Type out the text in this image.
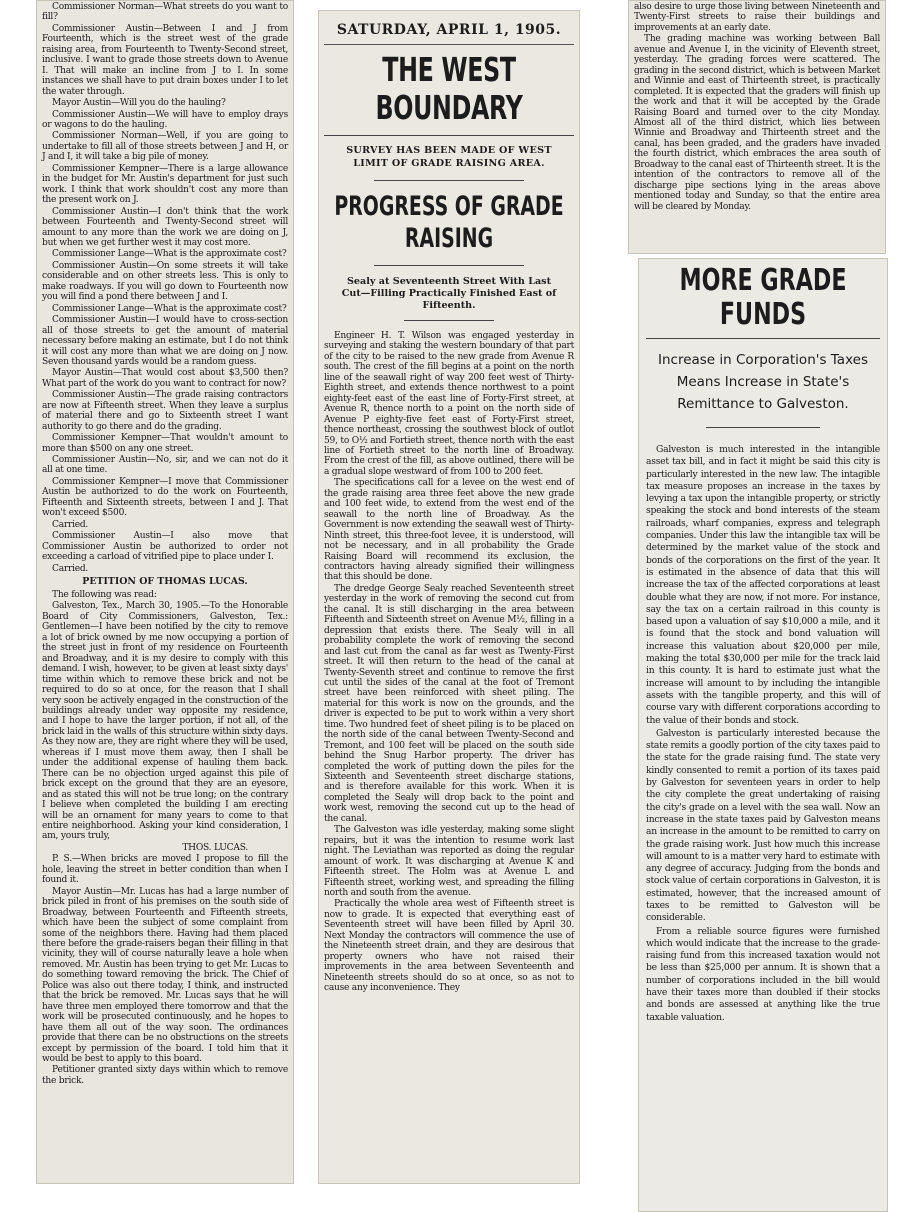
Commissioner Norman—What streets do you want to fill?

Commissioner Austin—Between I and J from Fourteenth, which is the street west of the grade raising area, from Fourteenth to Twenty-Second street, inclusive. I want to grade those streets down to Avenue I. That will make an incline from J to I. In some instances we shall have to put drain boxes under I to let the water through.

Mayor Austin—Will you do the hauling?

Commissioner Austin—We will have to employ drays or wagons to do the hauling.

Commissioner Norman—Well, if you are going to undertake to fill all of those streets between J and H, or J and I, it will take a big pile of money.

Commissioner Kempner—There is a large allowance in the budget for Mr. Austin's department for just such work. I think that work shouldn't cost any more than the present work on J.

Commissioner Austin—I don't think that the work between Fourteenth and Twenty-Second street will amount to any more than the work we are doing on J, but when we get further west it may cost more.

Commissioner Lange—What is the approximate cost?

Commissioner Austin—On some streets it will take considerable and on other streets less. This is only to make roadways. If you will go down to Fourteenth now you will find a pond there between J and I.

Commissioner Lange—What is the approximate cost?

Commissioner Austin—I would have to cross-section all of those streets to get the amount of material necessary before making an estimate, but I do not think it will cost any more than what we are doing on J now. Seven thousand yards would be a random guess.

Mayor Austin—That would cost about $3,500 then? What part of the work do you want to contract for now?

Commissioner Austin—The grade raising contractors are now at Fifteenth street. When they leave a surplus of material there and go to Sixteenth street I want authority to go there and do the grading.

Commissioner Kempner—That wouldn't amount to more than $500 on any one street.

Commissioner Austin—No, sir, and we can not do it all at one time.

Commissioner Kempner—I move that Commissioner Austin be authorized to do the work on Fourteenth, Fifteenth and Sixteenth streets, between I and J. That won't exceed $500.

Carried.

Commissioner Austin—I also move that Commissioner Austin be authorized to order not exceeding a carload of vitrified pipe to place under I.

Carried.

PETITION OF THOMAS LUCAS.

The following was read:

Galveston, Tex., March 30, 1905.—To the Honorable Board of City Commissioners, Galveston, Tex.: Gentlemen—I have been notified by the city to remove a lot of brick owned by me now occupying a portion of the street just in front of my residence on Fourteenth and Broadway, and it is my desire to comply with this demand. I wish, however, to be given at least sixty days' time within which to remove these brick and not be required to do so at once, for the reason that I shall very soon be actively engaged in the construction of the buildings already under way opposite my residence, and I hope to have the larger portion, if not all, of the brick laid in the walls of this structure within sixty days. As they now are, they are right where they will be used, whereas if I must move them away, then I shall be under the additional expense of hauling them back. There can be no objection urged against this pile of brick except on the ground that they are an eyesore, and as stated this will not be true long; on the contrary I believe when completed the building I am erecting will be an ornament for many years to come to that entire neighborhood. Asking your kind consideration, I am, yours truly,

THOS. LUCAS.

P. S.—When bricks are moved I propose to fill the hole, leaving the street in better condition than when I found it.

Mayor Austin—Mr. Lucas has had a large number of brick piled in front of his premises on the south side of Broadway, between Fourteenth and Fifteenth streets, which have been the subject of some complaint from some of the neighbors there. Having had them placed there before the grade-raisers began their filling in that vicinity, they will of course naturally leave a hole when removed. Mr. Austin has been trying to get Mr. Lucas to do something toward removing the brick. The Chief of Police was also out there today, I think, and instructed that the brick be removed. Mr. Lucas says that he will have three men employed there tomorrow and that the work will be prosecuted continuously, and he hopes to have them all out of the way soon. The ordinances provide that there can be no obstructions on the streets except by permission of the board. I told him that it would be best to apply to this board.

Petitioner granted sixty days within which to remove the brick.

SATURDAY, APRIL 1, 1905.
THE WEST BOUNDARY
SURVEY HAS BEEN MADE OF WEST LIMIT OF GRADE RAISING AREA.
PROGRESS OF GRADE RAISING
Sealy at Seventeenth Street With Last Cut—Filling Practically Finished East of Fifteenth.

Engineer H. T. Wilson was engaged yesterday in surveying and staking the western boundary of that part of the city to be raised to the new grade from Avenue R south. The crest of the fill begins at a point on the north line of the seawall right of way 200 feet west of Thirty-Eighth street, and extends thence northwest to a point eighty-feet east of the east line of Forty-First street, at Avenue R, thence north to a point on the north side of Avenue P eighty-five feet east of Forty-First street, thence northeast, crossing the southwest block of outlot 59, to O½ and Fortieth street, thence north with the east line of Fortieth street to the north line of Broadway. From the crest of the fill, as above outlined, there will be a gradual slope westward of from 100 to 200 feet.

The specifications call for a levee on the west end of the grade raising area three feet above the new grade and 100 feet wide, to extend from the west end of the seawall to the north line of Broadway. As the Government is now extending the seawall west of Thirty-Ninth street, this three-foot levee, it is understood, will not be necessary, and in all probability the Grade Raising Board will recommend its exclusion, the contractors having already signified their willingness that this should be done.

The dredge George Sealy reached Seventeenth street yesterday in the work of removing the second cut from the canal. It is still discharging in the area between Fifteenth and Sixteenth street on Avenue M½, filling in a depression that exists there. The Sealy will in all probability complete the work of removing the second and last cut from the canal as far west as Twenty-First street. It will then return to the head of the canal at Twenty-Seventh street and continue to remove the first cut until the sides of the canal at the foot of Tremont street have been reinforced with sheet piling. The material for this work is now on the grounds, and the driver is expected to be put to work within a very short time. Two hundred feet of sheet piling is to be placed on the north side of the canal between Twenty-Second and Tremont, and 100 feet will be placed on the south side behind the Snug Harbor property. The driver has completed the work of putting down the piles for the Sixteenth and Seventeenth street discharge stations, and is therefore available for this work. When it is completed the Sealy will drop back to the point and work west, removing the second cut up to the head of the canal.

The Galveston was idle yesterday, making some slight repairs, but it was the intention to resume work last night. The Leviathan was reported as doing the regular amount of work. It was discharging at Avenue K and Fifteenth street. The Holm was at Avenue L and Fifteenth street, working west, and spreading the filling north and south from the avenue.

Practically the whole area west of Fifteenth street is now to grade. It is expected that everything east of Seventeenth street will have been filled by April 30. Next Monday the contractors will commence the use of the Nineteenth street drain, and they are desirous that property owners who have not raised their improvements in the area between Seventeenth and Nineteenth streets should do so at once, so as not to cause any inconvenience. They

also desire to urge those living between Nineteenth and Twenty-First streets to raise their buildings and improvements at an early date.

The grading machine was working between Ball avenue and Avenue I, in the vicinity of Eleventh street, yesterday. The grading forces were scattered. The grading in the second district, which is between Market and Winnie and east of Thirteenth street, is practically completed. It is expected that the graders will finish up the work and that it will be accepted by the Grade Raising Board and turned over to the city Monday. Almost all of the third district, which lies between Winnie and Broadway and Thirteenth street and the canal, has been graded, and the graders have invaded the fourth district, which embraces the area south of Broadway to the canal east of Thirteenth street. It is the intention of the contractors to remove all of the discharge pipe sections lying in the areas above mentioned today and Sunday, so that the entire area will be cleared by Monday.

MORE GRADE FUNDS
Increase in Corporation's Taxes Means Increase in State's Remittance to Galveston.

Galveston is much interested in the intangible asset tax bill, and in fact it might be said this city is particularly interested in the new law. The intagible tax measure proposes an increase in the taxes by levying a tax upon the intangible property, or strictly speaking the stock and bond interests of the steam railroads, wharf companies, express and telegraph companies. Under this law the intangible tax will be determined by the market value of the stock and bonds of the corporations on the first of the year. It is estimated in the absence of data that this will increase the tax of the affected corporations at least double what they are now, if not more. For instance, say the tax on a certain railroad in this county is based upon a valuation of say $10,000 a mile, and it is found that the stock and bond valuation will increase this valuation about $20,000 per mile, making the total $30,000 per mile for the track laid in this county. It is hard to estimate just what the increase will amount to by including the intangible assets with the tangible property, and this will of course vary with different corporations according to the value of their bonds and stock.

Galveston is particularly interested because the state remits a goodly portion of the city taxes paid to the state for the grade raising fund. The state very kindly consented to remit a portion of its taxes paid by Galveston for seventeen years in order to help the city complete the great undertaking of raising the city's grade on a level with the sea wall. Now an increase in the state taxes paid by Galveston means an increase in the amount to be remitted to carry on the grade raising work. Just how much this increase will amount to is a matter very hard to estimate with any degree of accuracy. Judging from the bonds and stock value of certain corporations in Galveston, it is estimated, however, that the increased amount of taxes to be remitted to Galveston will be considerable.

From a reliable source figures were furnished which would indicate that the increase to the grade-raising fund from this increased taxation would not be less than $25,000 per annum. It is shown that a number of corporations included in the bill would have their taxes more than doubled if their stocks and bonds are assessed at anything like the true taxable valuation.
